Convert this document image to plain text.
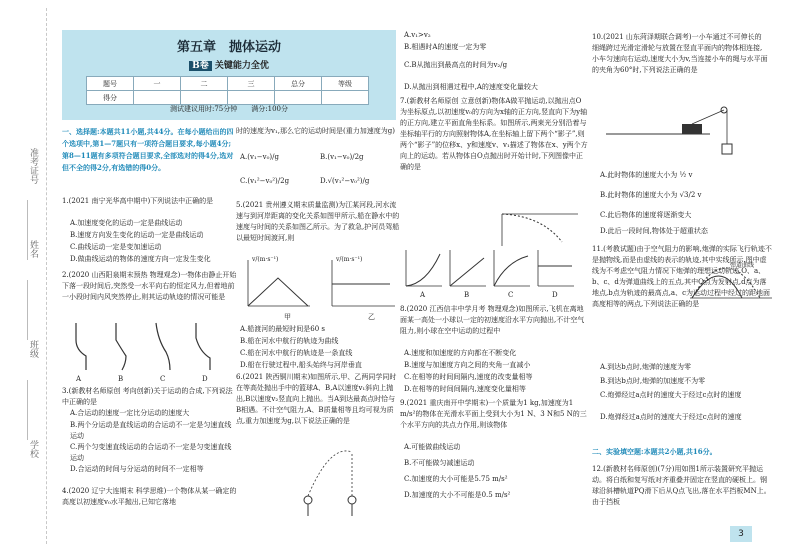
准考证号
姓名
班级
学校
第五章　抛体运动
B卷 关键能力全优
题号	一	二	三	总分	等级
得分					
测试建议用时:75分钟　　满分:100分
一、选择题:本题共11小题,共44分。在每小题给出的四个选项中,第1—7题只有一项符合题目要求,每小题4分;第8—11题有多项符合题目要求,全部选对的得4分,选对但不全的得2分,有选错的得0分。
1.(2021 南宁光华高中期中)下列说法中正确的是
A.加速度变化的运动一定是曲线运动
B.速度方向发生变化的运动一定是曲线运动
C.曲线运动一定是变加速运动
D.做曲线运动的物体的速度方向一定发生变化
2.(2020 山西阳泉期末预热 物理观念)一物体由静止开始下落一段时间后,突然受一水平向右的恒定风力,但着地前一小段时间内风突然停止,则其运动轨迹的情况可能是
A	B	C	D
3.(新教材名师原创 考向创新)关于运动的合成,下列说法中正确的是
A.合运动的速度一定比分运动的速度大
B.两个分运动是直线运动的合运动不一定是匀速直线运动
C.两个匀变速直线运动的合运动不一定是匀变速直线运动
D.合运动的时间与分运动的时间不一定相等
4.(2020 辽宁大连期末 科学思维)一个物体从某一确定的高度以初速度v₀水平抛出,已知它落地
时的速度为v₁,那么它的运动时间是(重力加速度为g)
A.(v₁−v₀)/g	B.(v₁−v₀)/2g
C.(v₁²−v₀²)/2g	D.√(v₁²−v₀²)/g
5.(2021 贵州遵义期末质量监测)为江某河段,河水流速与到河岸距离的变化关系如图甲所示,船在静水中的速度与时间的关系如图乙所示。为了救急,护河员驾船以最短时间渡河,则
v/(m·s⁻¹)	v/(m·s⁻¹)
甲	乙
A.船渡河的最短时间是60 s
B.船在河水中航行的轨迹为曲线
C.船在河水中航行的轨迹是一条直线
D.船在行驶过程中,船头始终与河岸垂直
6.(2021 陕西铜川期末)如图所示,甲、乙两同学同时在等高处抛出手中的篮球A、B,A以速度v₁斜向上抛出,B以速度v₂竖直向上抛出。当A到达最高点时恰与B相遇。不计空气阻力,A、B质量相等且均可视为质点,重力加速度为g,以下说法正确的是
A.v₁>v₂
B.相遇时A的速度一定为零
C.B从抛出到最高点的时间为v₂/g
D.从抛出到相遇过程中,A的速度变化量较大
7.(新教材名师原创 立意创新)物体A做平抛运动,以抛出点O为坐标原点,以初速度v₀的方向为x轴的正方向,竖直向下为y轴的正方向,建立平面直角坐标系。如图所示,两束光分别沿着与坐标轴平行的方向照射物体A,在坐标轴上留下两个“影子”,则两个“影子”的位移x、y和速度v、v₁描述了物体在x、y两个方向上的运动。若从物体自O点抛出时开始计时,下列图像中正确的是
A	B	C	D
8.(2020 江西信丰中学月考 物理观念)如图所示,飞机在离地面某一高处一小球以一定的初速度沿水平方向抛出,不计空气阻力,则小球在空中运动的过程中
A.速度和加速度的方向都在不断变化
B.速度与加速度方向之间的夹角一直减小
C.在相等的时间间隔内,速度的改变量相等
D.在相等的时间间隔内,速度变化量相等
9.(2021 重庆南开中学期末)一个质量为1 kg,加速度为1 m/s²的物体在光滑水平面上受到大小为1 N、3 N和5 N的三个水平方向的共点力作用,则该物体
A.可能做曲线运动
B.不可能做匀减速运动
C.加速度的大小可能是5.75 m/s²
D.加速度的大小不可能是0.5 m/s²
10.(2021 山东菏泽期联合调考)一小车通过不可伸长的细绳跨过光滑定滑轮与放置在竖直平面内的物体相连接,小车匀速向右运动,速度大小为v,当连接小车的绳与水平面的夹角为60°时,下列说法正确的是
A.此时物体的速度大小为 ½ v
B.此时物体的速度大小为 √3/2 v
C.此后物体的速度将逐渐变大
D.此后一段时间,物体处于超重状态
11.(考教试题)由于空气阻力的影响,炮弹的实际飞行轨迹不是抛物线,而是由虚线的表示的轨迹,其中实线所示,图中虚线为不考虑空气阻力情况下炮弹的理想运动轨迹,O、a、b、c、d为弹道曲线上的五点,其中O点为发射点,d点为落地点,b点为轨迹的最高点,a、c为运动过程中经过的距地面高度相等的两点,下列说法正确的是
弹道曲线
A.到达b点时,炮弹的速度为零
B.到达b点时,炮弹的加速度不为零
C.炮弹经过a点时的速度大于经过c点时的速度
D.炮弹经过a点时的速度大于经过c点时的速度
二、实验填空题:本题共2小题,共16分。
12.(新教材名师原创)(7分)用如图1所示装置研究平抛运动。将白纸和复写纸对齐重叠并固定在竖直的硬板上。钢球沿斜槽轨道PQ滑下后从Q点飞出,落在水平挡板MN上。由于挡板
3
